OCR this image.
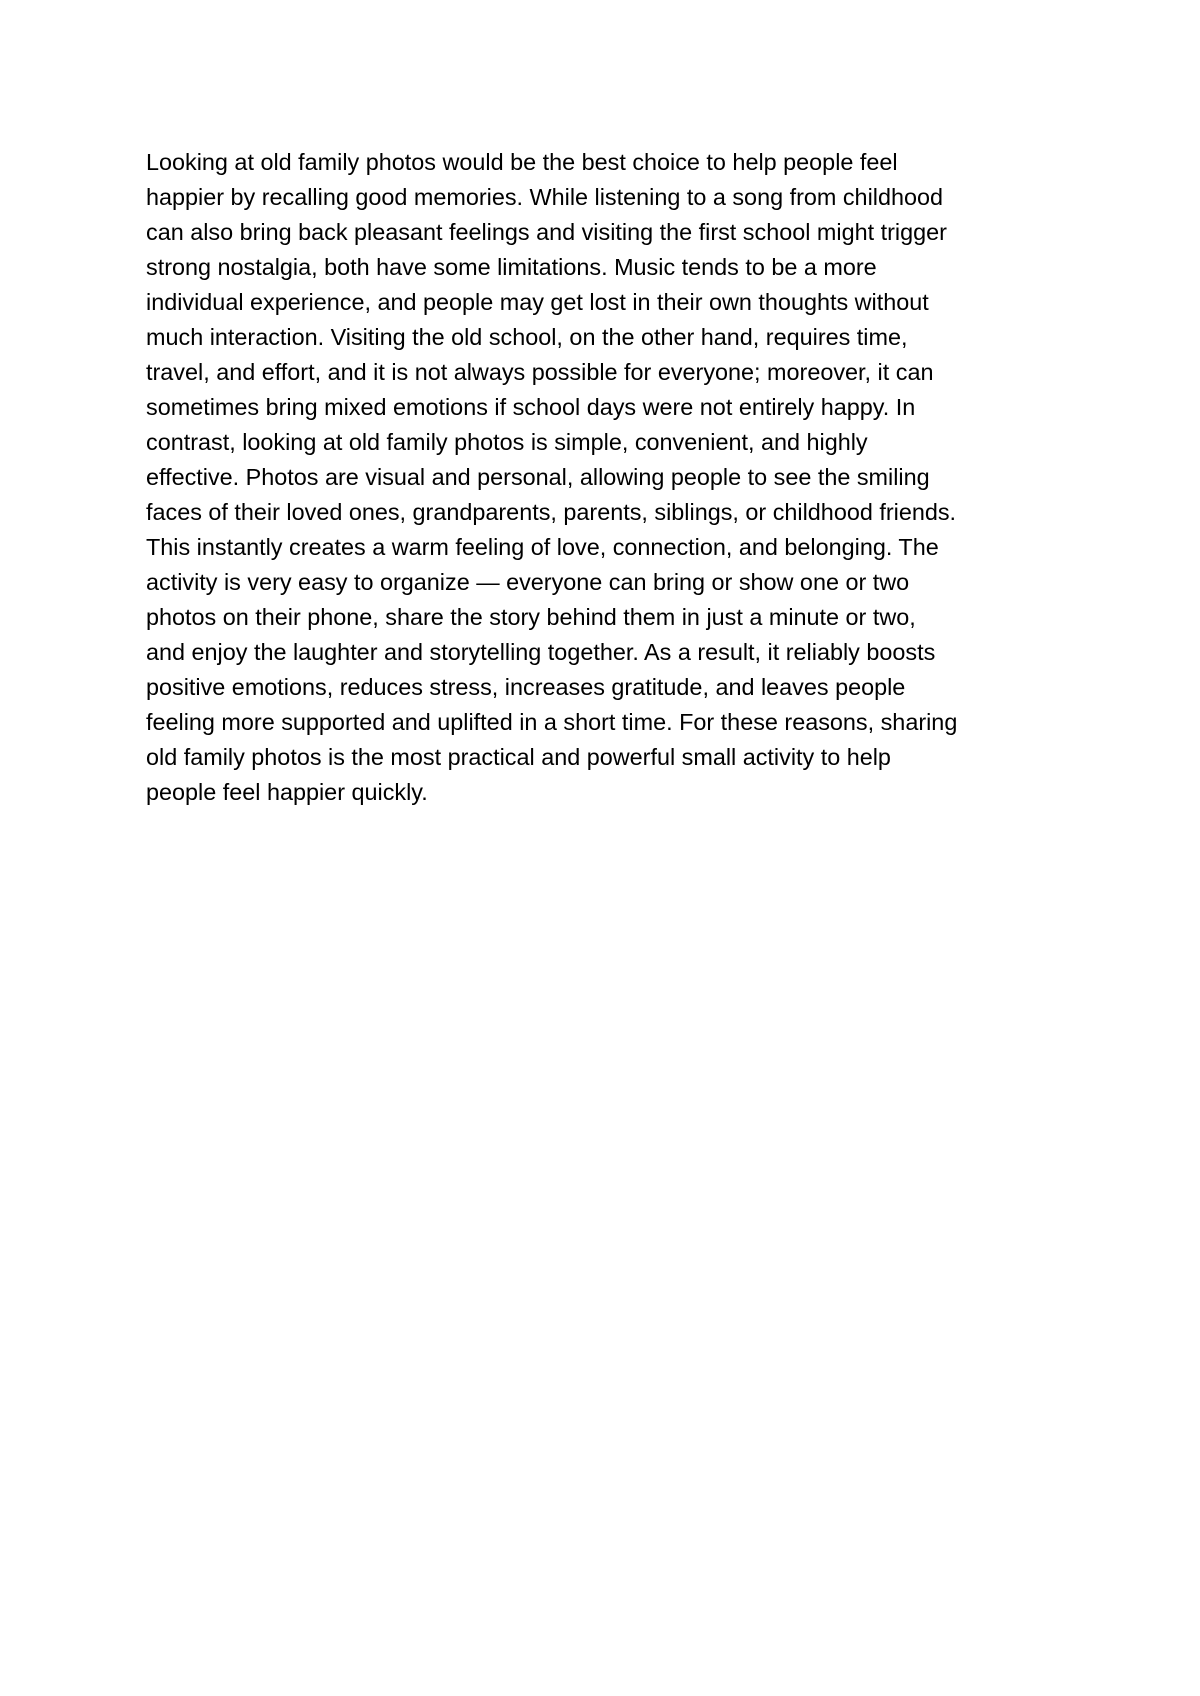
Looking at old family photos would be the best choice to help people feel
happier by recalling good memories. While listening to a song from childhood
can also bring back pleasant feelings and visiting the first school might trigger
strong nostalgia, both have some limitations. Music tends to be a more
individual experience, and people may get lost in their own thoughts without
much interaction. Visiting the old school, on the other hand, requires time,
travel, and effort, and it is not always possible for everyone; moreover, it can
sometimes bring mixed emotions if school days were not entirely happy. In
contrast, looking at old family photos is simple, convenient, and highly
effective. Photos are visual and personal, allowing people to see the smiling
faces of their loved ones, grandparents, parents, siblings, or childhood friends.
This instantly creates a warm feeling of love, connection, and belonging. The
activity is very easy to organize — everyone can bring or show one or two
photos on their phone, share the story behind them in just a minute or two,
and enjoy the laughter and storytelling together. As a result, it reliably boosts
positive emotions, reduces stress, increases gratitude, and leaves people
feeling more supported and uplifted in a short time. For these reasons, sharing
old family photos is the most practical and powerful small activity to help
people feel happier quickly.
